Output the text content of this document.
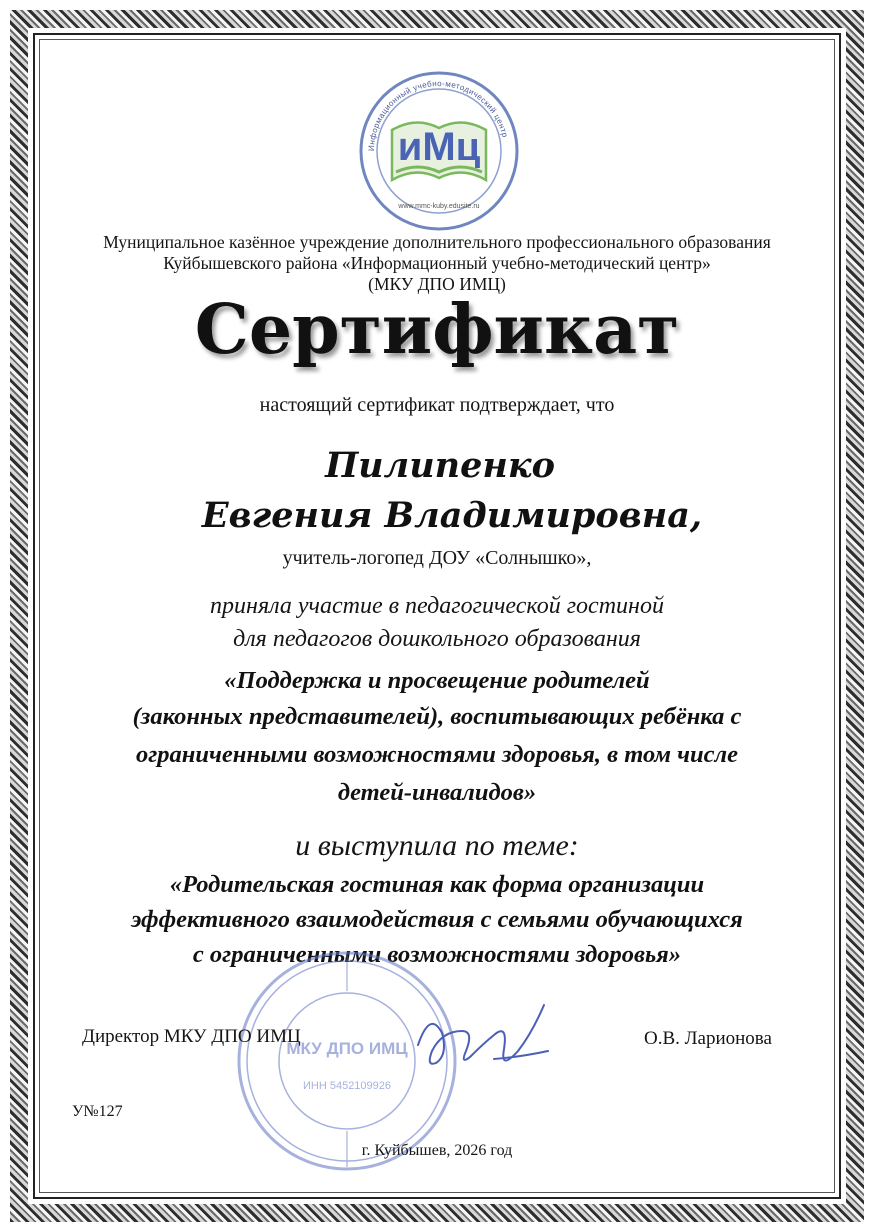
Информационный учебно-методический центр
иМц
www.mmc-kuby.edusite.ru
Муниципальное казённое учреждение дополнительного профессионального образования
Куйбышевского района «Информационный учебно-методический центр»
(МКУ ДПО ИМЦ)
Сертификат
настоящий сертификат подтверждает, что
Пилипенко
Евгения Владимировна,
учитель-логопед ДОУ «Солнышко»,
приняла участие в педагогической гостиной
для педагогов дошкольного образования
«Поддержка и просвещение родителей
(законных представителей), воспитывающих ребёнка с
ограниченными возможностями здоровья, в том числе
детей-инвалидов»
и выступила по теме:
«Родительская гостиная как форма организации
эффективного взаимодействия с семьями обучающихся
с ограниченными возможностями здоровья»
МКУ ДПО ИМЦ
ИНН 5452109926
Директор МКУ ДПО ИМЦ	О.В. Ларионова
У№127
г. Куйбышев, 2026 год
